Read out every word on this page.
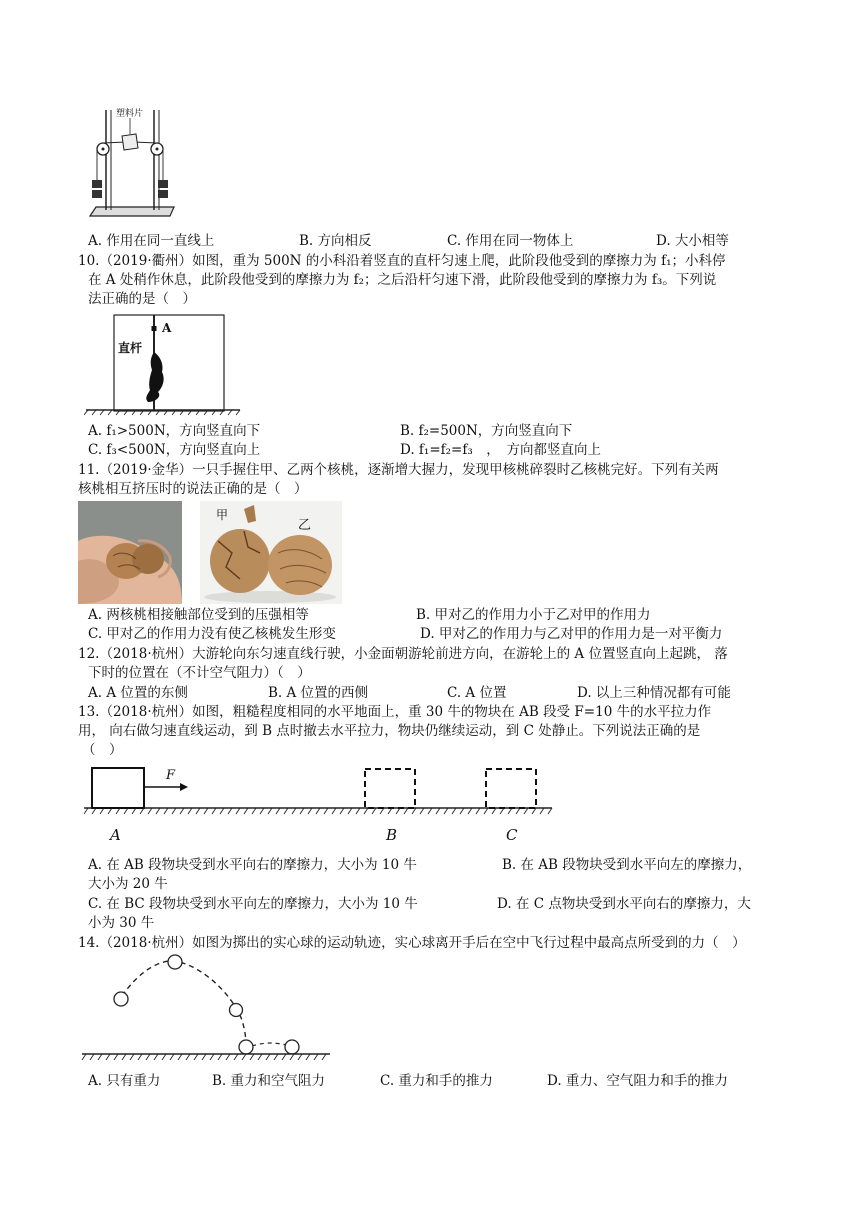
塑料片
A. 作用在同一直线上	B. 方向相反	C. 作用在同一物体上	D. 大小相等
10.（2019·衢州）如图，重为 500N 的小科沿着竖直的直杆匀速上爬，此阶段他受到的摩擦力为 f₁；小科停
在 A 处稍作休息，此阶段他受到的摩擦力为 f₂；之后沿杆匀速下滑，此阶段他受到的摩擦力为 f₃。下列说
法正确的是（　）
A
直杆
A. f₁>500N，方向竖直向下	B. f₂=500N，方向竖直向下
C. f₃<500N，方向竖直向上	D. f₁=f₂=f₃　，　方向都竖直向上
11.（2019·金华）一只手握住甲、乙两个核桃，逐渐增大握力，发现甲核桃碎裂时乙核桃完好。下列有关两
核桃相互挤压时的说法正确的是（　）
甲
乙
A. 两核桃相接触部位受到的压强相等	B. 甲对乙的作用力小于乙对甲的作用力
C. 甲对乙的作用力没有使乙核桃发生形变	D. 甲对乙的作用力与乙对甲的作用力是一对平衡力
12.（2018·杭州）大游轮向东匀速直线行驶，小金面朝游轮前进方向，在游轮上的 A 位置竖直向上起跳， 落
下时的位置在（不计空气阻力）（　）
A. A 位置的东侧	B. A 位置的西侧	C. A 位置	D. 以上三种情况都有可能
13.（2018·杭州）如图，粗糙程度相同的水平地面上，重 30 牛的物块在 AB 段受 F=10 牛的水平拉力作
用， 向右做匀速直线运动，到 B 点时撤去水平拉力，物块仍继续运动，到 C 处静止。下列说法正确的是
（　）
F
A	B	C
A. 在 AB 段物块受到水平向右的摩擦力，大小为 10 牛	B. 在 AB 段物块受到水平向左的摩擦力，
大小为 20 牛
C. 在 BC 段物块受到水平向左的摩擦力，大小为 10 牛	D. 在 C 点物块受到水平向右的摩擦力，大
小为 30 牛
14.（2018·杭州）如图为掷出的实心球的运动轨迹，实心球离开手后在空中飞行过程中最高点所受到的力（　）
A. 只有重力	B. 重力和空气阻力	C. 重力和手的推力	D. 重力、空气阻力和手的推力
